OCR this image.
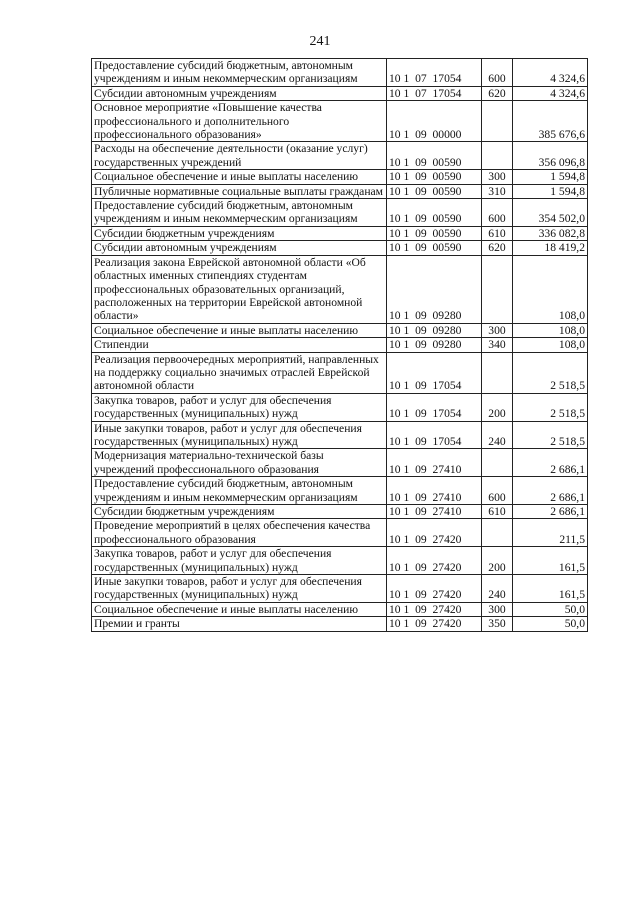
241
Предоставление субсидий бюджетным, автономным учреждениям и иным некоммерческим организациям	10 1  07  17054	600	4 324,6
Субсидии автономным учреждениям	10 1  07  17054	620	4 324,6
Основное мероприятие «Повышение качества профессионального и дополнительного профессионального образования»	10 1  09  00000		385 676,6
Расходы на обеспечение деятельности (оказание услуг) государственных учреждений	10 1  09  00590		356 096,8
Социальное обеспечение и иные выплаты населению	10 1  09  00590	300	1 594,8
Публичные нормативные социальные выплаты гражданам	10 1  09  00590	310	1 594,8
Предоставление субсидий бюджетным, автономным учреждениям и иным некоммерческим организациям	10 1  09  00590	600	354 502,0
Субсидии бюджетным учреждениям	10 1  09  00590	610	336 082,8
Субсидии автономным учреждениям	10 1  09  00590	620	18 419,2
Реализация закона Еврейской автономной области «Об областных именных стипендиях студентам профессиональных образовательных организаций, расположенных на территории Еврейской автономной области»	10 1  09  09280		108,0
Социальное обеспечение и иные выплаты населению	10 1  09  09280	300	108,0
Стипендии	10 1  09  09280	340	108,0
Реализация первоочередных мероприятий, направленных на поддержку социально значимых отраслей Еврейской автономной области	10 1  09  17054		2 518,5
Закупка товаров, работ и услуг для обеспечения государственных (муниципальных) нужд	10 1  09  17054	200	2 518,5
Иные закупки товаров, работ и услуг для обеспечения государственных (муниципальных) нужд	10 1  09  17054	240	2 518,5
Модернизация материально-технической базы учреждений профессионального образования	10 1  09  27410		2 686,1
Предоставление субсидий бюджетным, автономным учреждениям и иным некоммерческим организациям	10 1  09  27410	600	2 686,1
Субсидии бюджетным учреждениям	10 1  09  27410	610	2 686,1
Проведение мероприятий в целях обеспечения качества профессионального образования	10 1  09  27420		211,5
Закупка товаров, работ и услуг для обеспечения государственных (муниципальных) нужд	10 1  09  27420	200	161,5
Иные закупки товаров, работ и услуг для обеспечения государственных (муниципальных) нужд	10 1  09  27420	240	161,5
Социальное обеспечение и иные выплаты населению	10 1  09  27420	300	50,0
Премии и гранты	10 1  09  27420	350	50,0
